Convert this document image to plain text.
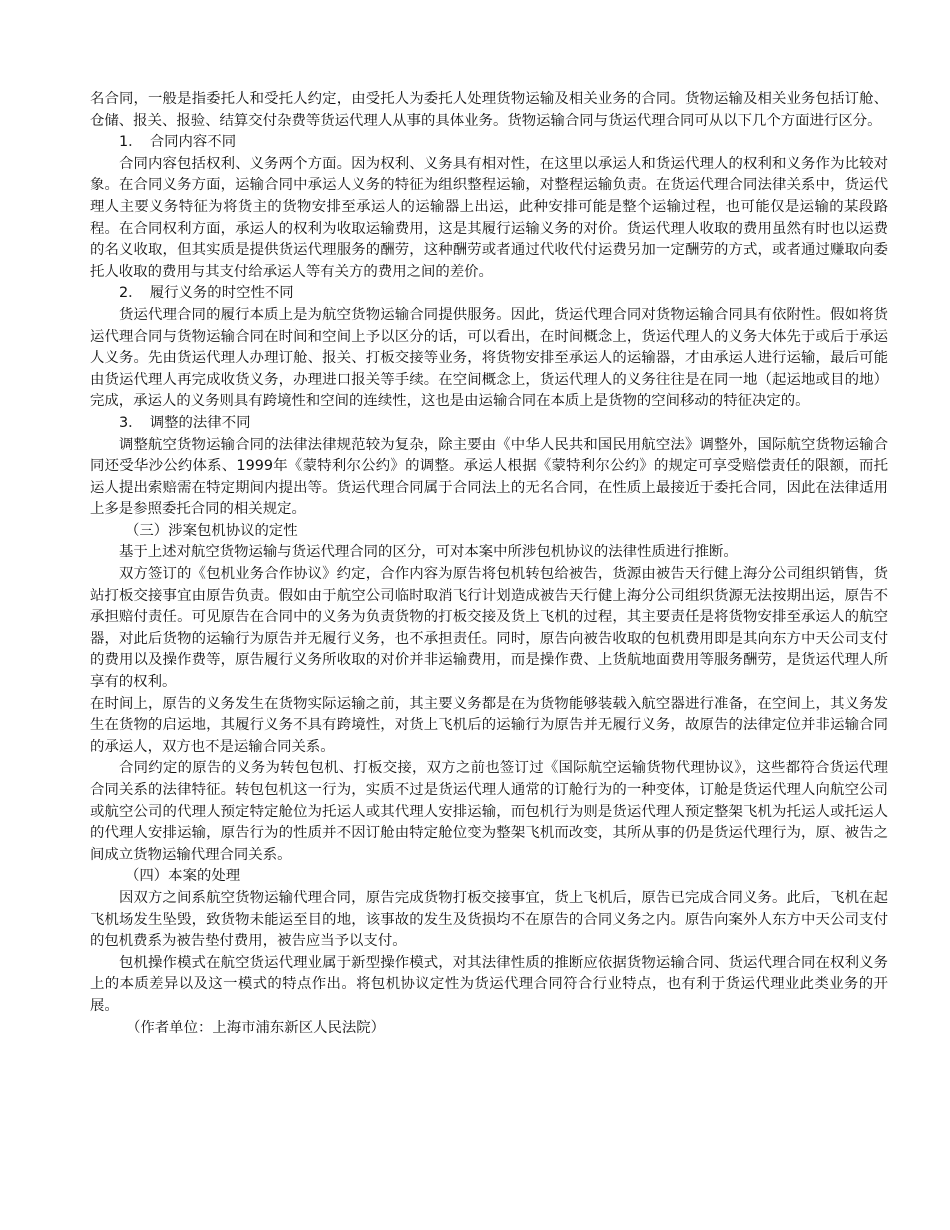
名合同，一般是指委托人和受托人约定，由受托人为委托人处理货物运输及相关业务的合同。货物运输及相关业务包括订舱、仓储、报关、报验、结算交付杂费等货运代理人从事的具体业务。货物运输合同与货运代理合同可从以下几个方面进行区分。

1．　合同内容不同

合同内容包括权利、义务两个方面。因为权利、义务具有相对性，在这里以承运人和货运代理人的权利和义务作为比较对象。在合同义务方面，运输合同中承运人义务的特征为组织整程运输，对整程运输负责。在货运代理合同法律关系中，货运代理人主要义务特征为将货主的货物安排至承运人的运输器上出运，此种安排可能是整个运输过程，也可能仅是运输的某段路程。在合同权利方面，承运人的权利为收取运输费用，这是其履行运输义务的对价。货运代理人收取的费用虽然有时也以运费的名义收取，但其实质是提供货运代理服务的酬劳，这种酬劳或者通过代收代付运费另加一定酬劳的方式，或者通过赚取向委托人收取的费用与其支付给承运人等有关方的费用之间的差价。

2．　履行义务的时空性不同

货运代理合同的履行本质上是为航空货物运输合同提供服务。因此，货运代理合同对货物运输合同具有依附性。假如将货运代理合同与货物运输合同在时间和空间上予以区分的话，可以看出，在时间概念上，货运代理人的义务大体先于或后于承运人义务。先由货运代理人办理订舱、报关、打板交接等业务，将货物安排至承运人的运输器，才由承运人进行运输，最后可能由货运代理人再完成收货义务，办理进口报关等手续。在空间概念上，货运代理人的义务往往是在同一地（起运地或目的地）完成，承运人的义务则具有跨境性和空间的连续性，这也是由运输合同在本质上是货物的空间移动的特征决定的。

3．　调整的法律不同

调整航空货物运输合同的法律法律规范较为复杂，除主要由《中华人民共和国民用航空法》调整外，国际航空货物运输合同还受华沙公约体系、1999年《蒙特利尔公约》的调整。承运人根据《蒙特利尔公约》的规定可享受赔偿责任的限额，而托运人提出索赔需在特定期间内提出等。货运代理合同属于合同法上的无名合同，在性质上最接近于委托合同，因此在法律适用上多是参照委托合同的相关规定。

（三）涉案包机协议的定性

基于上述对航空货物运输与货运代理合同的区分，可对本案中所涉包机协议的法律性质进行推断。

双方签订的《包机业务合作协议》约定，合作内容为原告将包机转包给被告，货源由被告天行健上海分公司组织销售，货站打板交接事宜由原告负责。假如由于航空公司临时取消飞行计划造成被告天行健上海分公司组织货源无法按期出运，原告不承担赔付责任。可见原告在合同中的义务为负责货物的打板交接及货上飞机的过程，其主要责任是将货物安排至承运人的航空器，对此后货物的运输行为原告并无履行义务，也不承担责任。同时，原告向被告收取的包机费用即是其向东方中天公司支付的费用以及操作费等，原告履行义务所收取的对价并非运输费用，而是操作费、上货航地面费用等服务酬劳，是货运代理人所享有的权利。

在时间上，原告的义务发生在货物实际运输之前，其主要义务都是在为货物能够装载入航空器进行准备，在空间上，其义务发生在货物的启运地，其履行义务不具有跨境性，对货上飞机后的运输行为原告并无履行义务，故原告的法律定位并非运输合同的承运人，双方也不是运输合同关系。

合同约定的原告的义务为转包包机、打板交接，双方之前也签订过《国际航空运输货物代理协议》，这些都符合货运代理合同关系的法律特征。转包包机这一行为，实质不过是货运代理人通常的订舱行为的一种变体，订舱是货运代理人向航空公司或航空公司的代理人预定特定舱位为托运人或其代理人安排运输，而包机行为则是货运代理人预定整架飞机为托运人或托运人的代理人安排运输，原告行为的性质并不因订舱由特定舱位变为整架飞机而改变，其所从事的仍是货运代理行为，原、被告之间成立货物运输代理合同关系。

（四）本案的处理

因双方之间系航空货物运输代理合同，原告完成货物打板交接事宜，货上飞机后，原告已完成合同义务。此后，飞机在起飞机场发生坠毁，致货物未能运至目的地，该事故的发生及货损均不在原告的合同义务之内。原告向案外人东方中天公司支付的包机费系为被告垫付费用，被告应当予以支付。

包机操作模式在航空货运代理业属于新型操作模式，对其法律性质的推断应依据货物运输合同、货运代理合同在权利义务上的本质差异以及这一模式的特点作出。将包机协议定性为货运代理合同符合行业特点，也有利于货运代理业此类业务的开展。

（作者单位：上海市浦东新区人民法院）
